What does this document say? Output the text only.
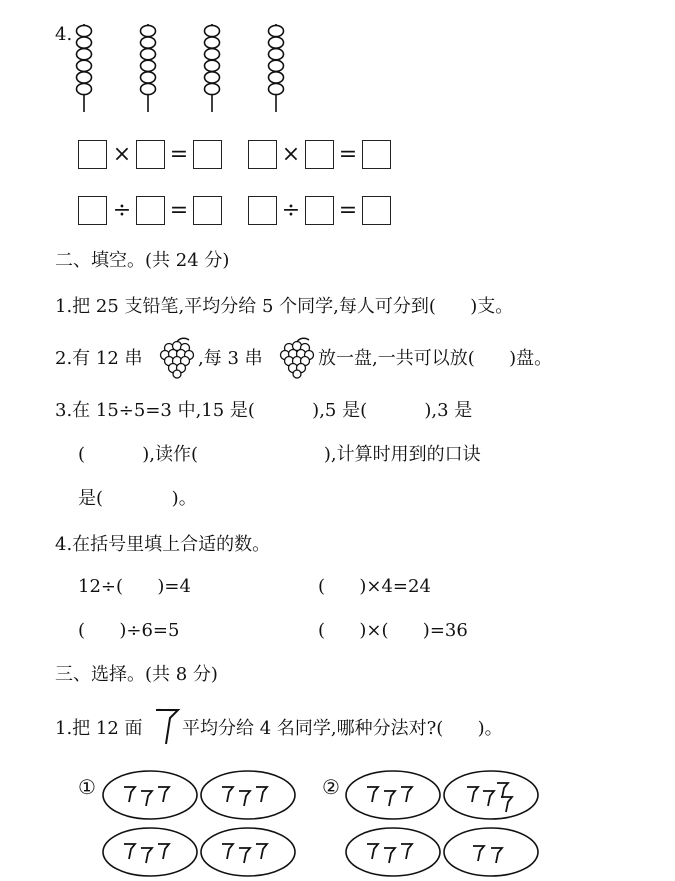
4.
× =	× =
÷ =	÷ =
二、填空。(共 24 分)
1.把 25 支铅笔,平均分给 5 个同学,每人可分到(      )支。
2.有 12 串	,每 3 串	放一盘,一共可以放(      )盘。
3.在 15÷5=3 中,15 是(          ),5 是(          ),3 是
(          ),读作(                      ),计算时用到的口诀
是(            )。
4.在括号里填上合适的数。
12÷(      )=4	(      )×4=24
(      )÷6=5	(      )×(      )=36
三、选择。(共 8 分)
1.把 12 面 平均分给 4 名同学,哪种分法对?(      )。
①	②
